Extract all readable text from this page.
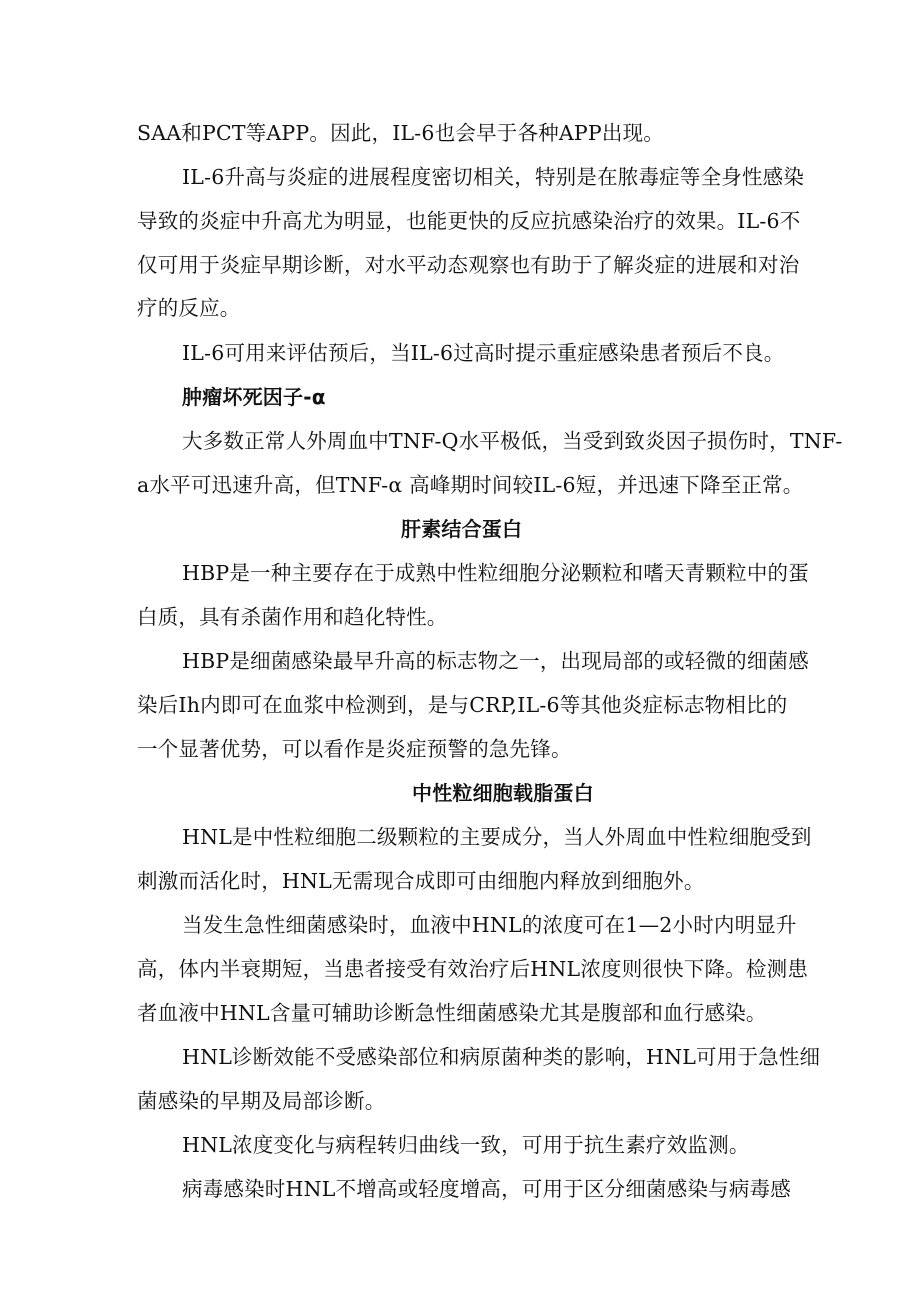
SAA和PCT等APP。因此，IL-6也会早于各种APP出现。
IL-6升高与炎症的进展程度密切相关，特别是在脓毒症等全身性感染
导致的炎症中升高尤为明显，也能更快的反应抗感染治疗的效果。IL-6不
仅可用于炎症早期诊断，对水平动态观察也有助于了解炎症的进展和对治
疗的反应。
IL-6可用来评估预后，当IL-6过高时提示重症感染患者预后不良。
肿瘤坏死因子-α
大多数正常人外周血中TNF-Q水平极低，当受到致炎因子损伤时，TNF-
a水平可迅速升高，但TNF-α 高峰期时间较IL-6短，并迅速下降至正常。
肝素结合蛋白
HBP是一种主要存在于成熟中性粒细胞分泌颗粒和嗜天青颗粒中的蛋
白质，具有杀菌作用和趋化特性。
HBP是细菌感染最早升高的标志物之一，出现局部的或轻微的细菌感
染后Ih内即可在血浆中检测到，是与CRP,IL-6等其他炎症标志物相比的
一个显著优势，可以看作是炎症预警的急先锋。
中性粒细胞载脂蛋白
HNL是中性粒细胞二级颗粒的主要成分，当人外周血中性粒细胞受到
刺激而活化时，HNL无需现合成即可由细胞内释放到细胞外。
当发生急性细菌感染时，血液中HNL的浓度可在1—2小时内明显升
高，体内半衰期短，当患者接受有效治疗后HNL浓度则很快下降。检测患
者血液中HNL含量可辅助诊断急性细菌感染尤其是腹部和血行感染。
HNL诊断效能不受感染部位和病原菌种类的影响，HNL可用于急性细
菌感染的早期及局部诊断。
HNL浓度变化与病程转归曲线一致，可用于抗生素疗效监测。
病毒感染时HNL不增高或轻度增高，可用于区分细菌感染与病毒感
